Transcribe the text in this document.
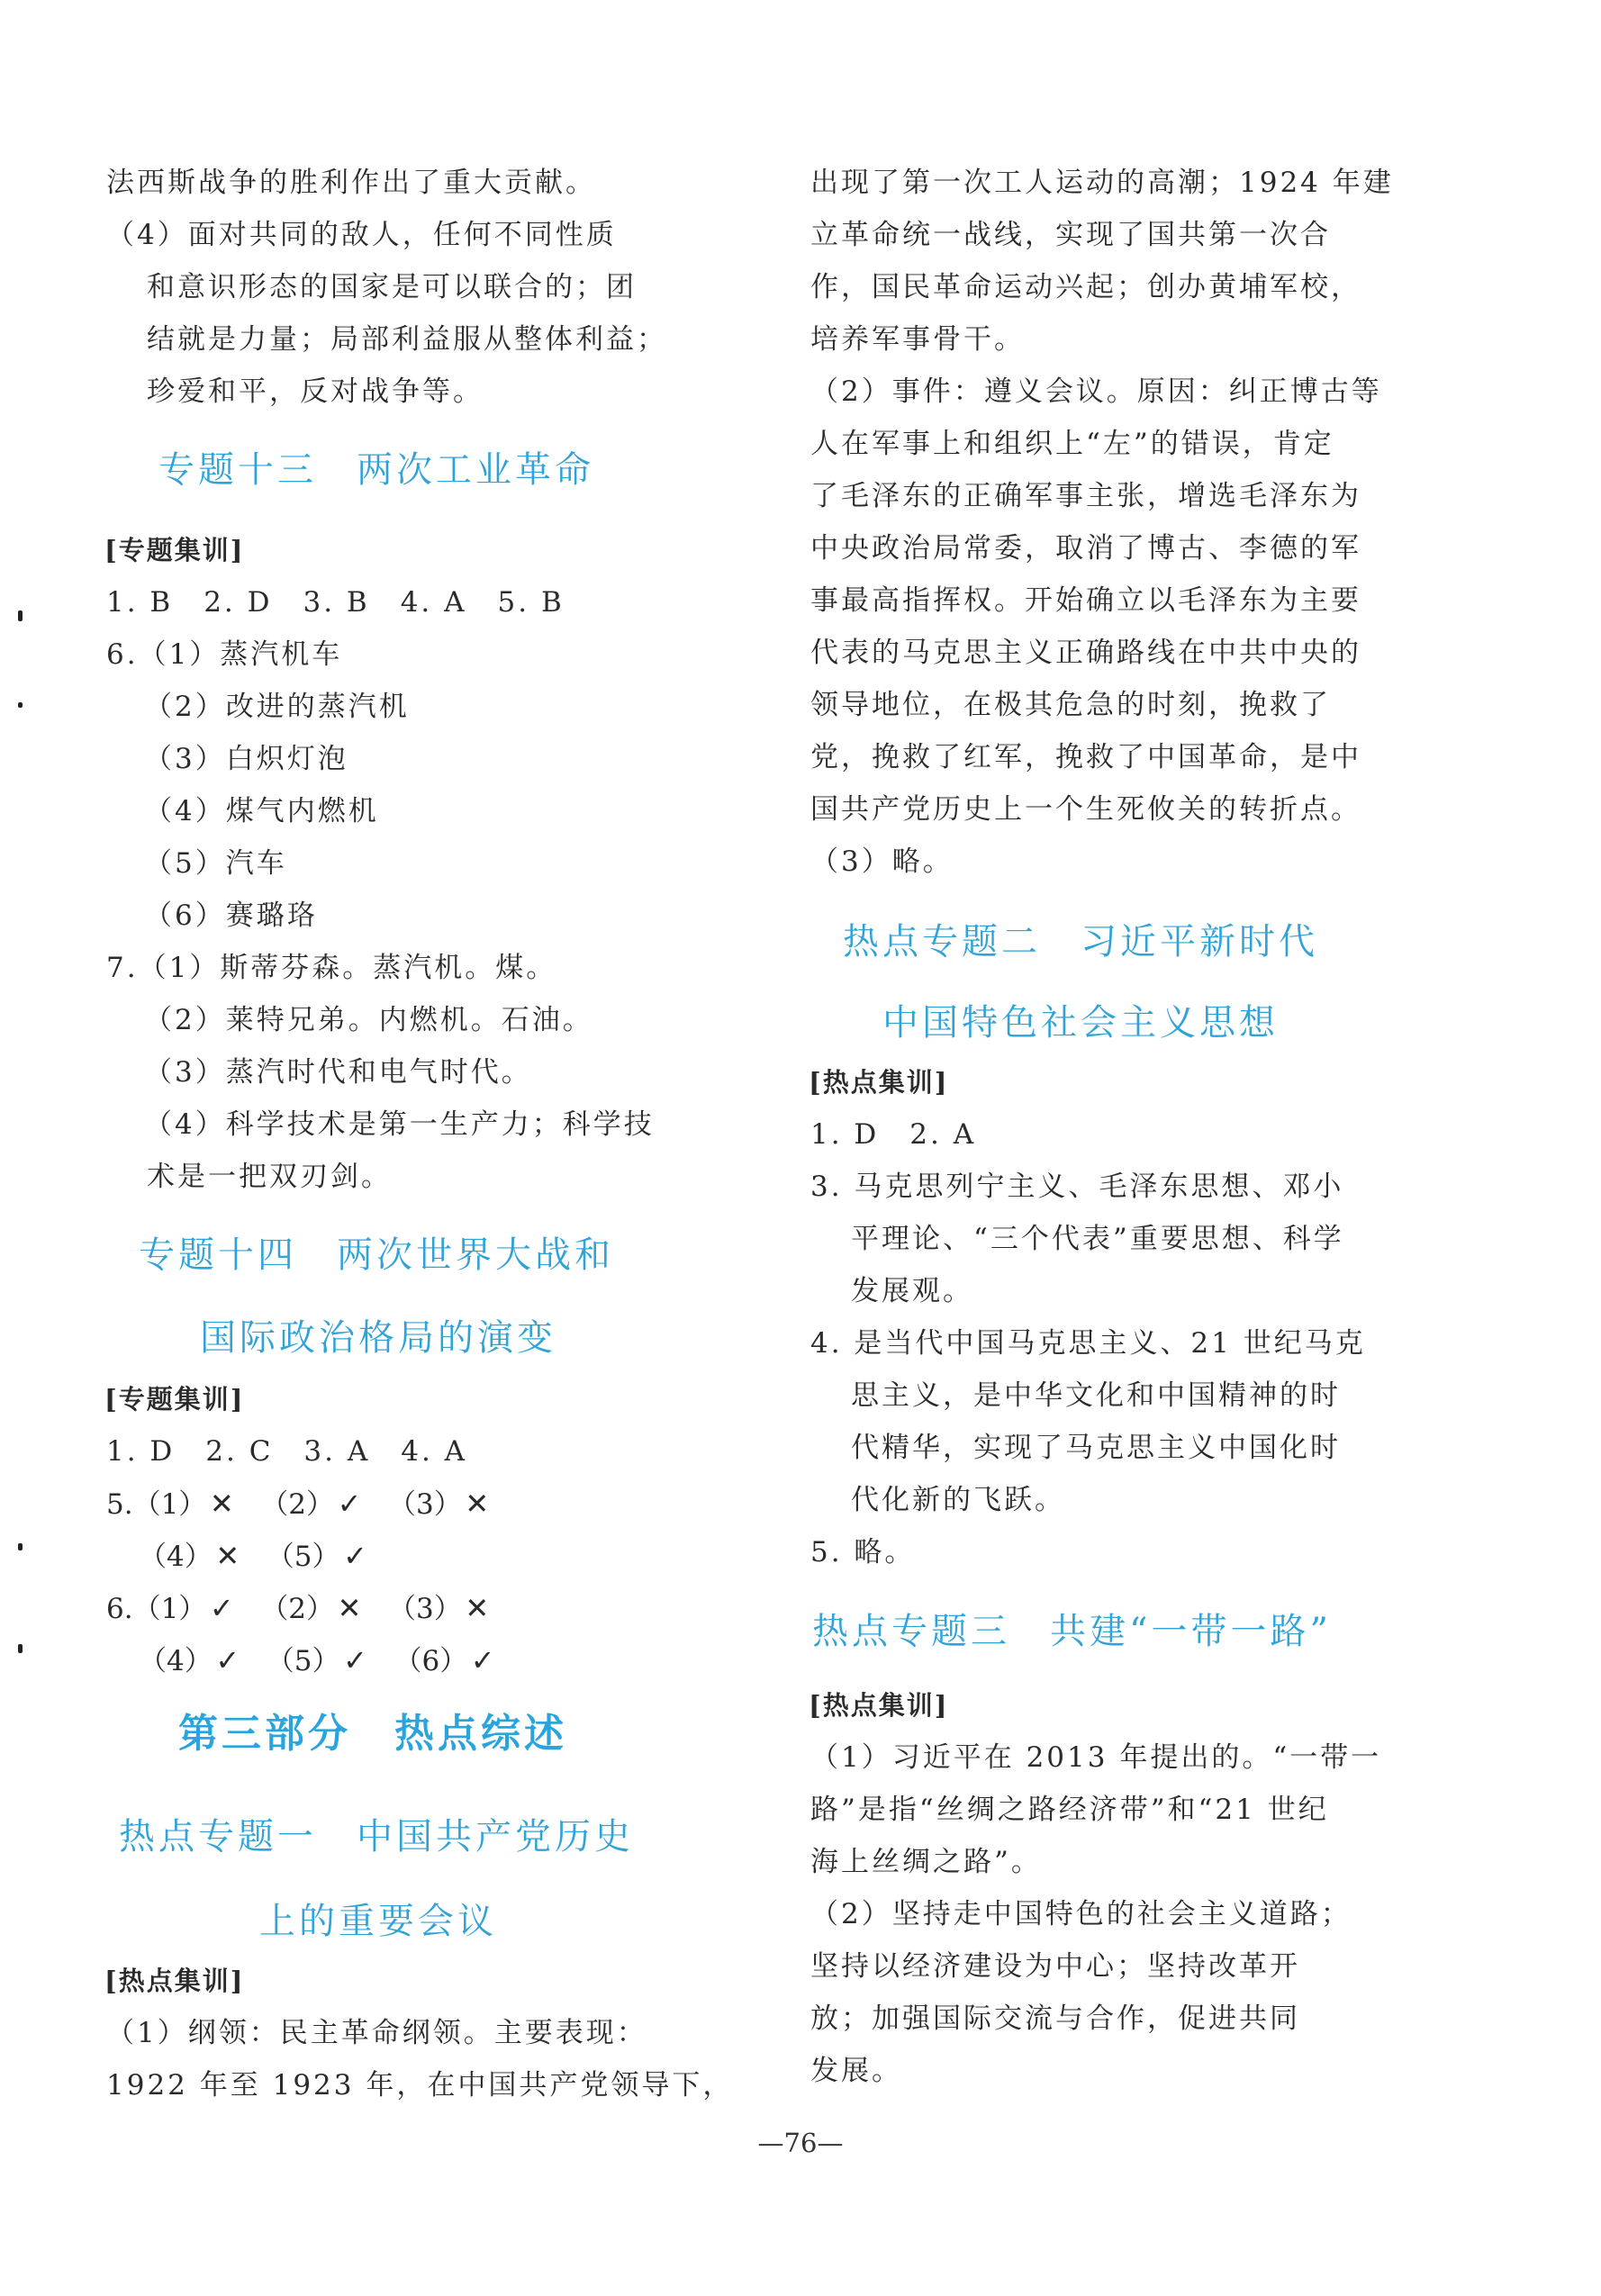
法西斯战争的胜利作出了重大贡献。
（4）面对共同的敌人，任何不同性质
和意识形态的国家是可以联合的；团
结就是力量；局部利益服从整体利益；
珍爱和平，反对战争等。
专题十三　两次工业革命
[专题集训]
1. B　2. D　3. B　4. A　5. B
6.（1）蒸汽机车
（2）改进的蒸汽机
（3）白炽灯泡
（4）煤气内燃机
（5）汽车
（6）赛璐珞
7.（1）斯蒂芬森。蒸汽机。煤。
（2）莱特兄弟。内燃机。石油。
（3）蒸汽时代和电气时代。
（4）科学技术是第一生产力；科学技
术是一把双刃剑。
专题十四　两次世界大战和
国际政治格局的演变
[专题集训]
1. D　2. C　3. A　4. A
5.（1） ✕ （2） ✓ （3） ✕
（4） ✕ （5） ✓
6.（1） ✓ （2） ✕ （3） ✕
（4） ✓ （5） ✓ （6） ✓
第三部分　热点综述
热点专题一　中国共产党历史
上的重要会议
[热点集训]
（1）纲领：民主革命纲领。主要表现：
1922 年至 1923 年，在中国共产党领导下，
出现了第一次工人运动的高潮；1924 年建
立革命统一战线，实现了国共第一次合
作，国民革命运动兴起；创办黄埔军校，
培养军事骨干。
（2）事件：遵义会议。原因：纠正博古等
人在军事上和组织上“左”的错误，肯定
了毛泽东的正确军事主张，增选毛泽东为
中央政治局常委，取消了博古、李德的军
事最高指挥权。开始确立以毛泽东为主要
代表的马克思主义正确路线在中共中央的
领导地位，在极其危急的时刻，挽救了
党，挽救了红军，挽救了中国革命，是中
国共产党历史上一个生死攸关的转折点。
（3）略。
热点专题二　习近平新时代
中国特色社会主义思想
[热点集训]
1. D　2. A
3. 马克思列宁主义、毛泽东思想、邓小
平理论、“三个代表”重要思想、科学
发展观。
4. 是当代中国马克思主义、21 世纪马克
思主义，是中华文化和中国精神的时
代精华，实现了马克思主义中国化时
代化新的飞跃。
5. 略。
热点专题三　共建“一带一路”
[热点集训]
（1）习近平在 2013 年提出的。“一带一
路”是指“丝绸之路经济带”和“21 世纪
海上丝绸之路”。
（2）坚持走中国特色的社会主义道路；
坚持以经济建设为中心；坚持改革开
放；加强国际交流与合作，促进共同
发展。
—76—
